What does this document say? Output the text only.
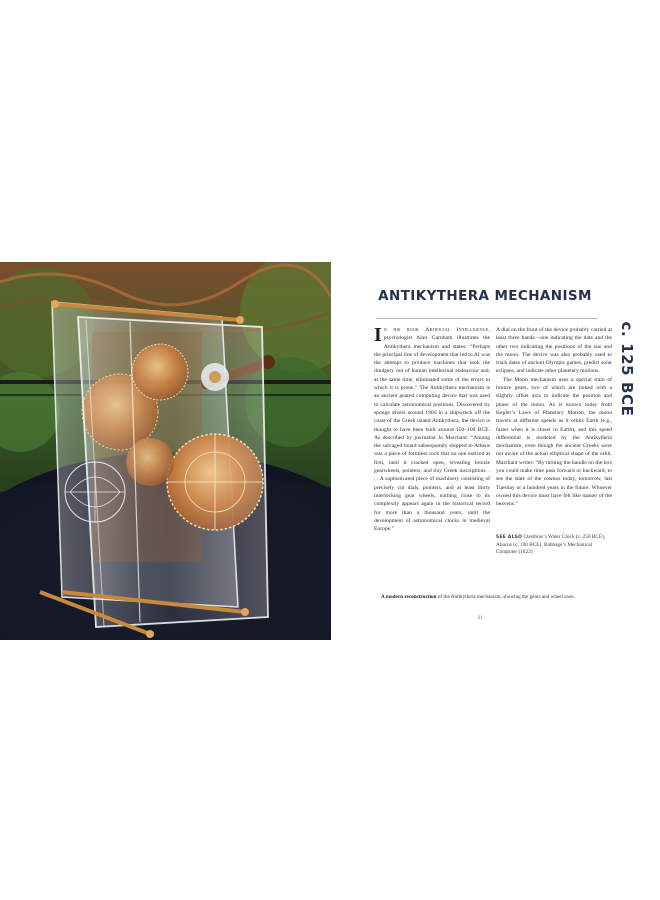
ANTIKYTHERA MECHANISM
c. 125 BCE

In his book Artificial Intelligence, psychologist Alan Garnham illustrates the Antikythera mechanism and states: “Perhaps the principal line of development that led to AI was the attempt to produce machines that took the drudgery out of human intellectual endeavour and, at the same time, eliminated some of the errors to which it is prone.” The Antikythera mechanism is an ancient geared computing device that was used to calculate astronomical positions. Discovered by sponge divers around 1900 in a shipwreck off the coast of the Greek island Antikythera, the device is thought to have been built around 150–100 BCE. As described by journalist Jo Marchant: “Among the salvaged hoard subsequently shipped to Athens was a piece of formless rock that no one noticed at first, until it cracked open, revealing bronze gearwheels, pointers, and tiny Greek inscriptions. . . . A sophisticated piece of machinery consisting of precisely cut dials, pointers, and at least thirty interlocking gear wheels, nothing close to its complexity appears again in the historical record for more than a thousand years, until the development of astronomical clocks in medieval Europe.”

A dial on the front of the device probably carried at least three hands—one indicating the date and the other two indicating the positions of the sun and the moon. The device was also probably used to track dates of ancient Olympic games, predict solar eclipses, and indicate other planetary motions.

The Moon mechanism uses a special train of bronze gears, two of which are linked with a slightly offset axis to indicate the position and phase of the moon. As is known today from Kepler’s Laws of Planetary Motion, the moon travels at different speeds as it orbits Earth (e.g., faster when it is closer to Earth), and this speed differential is modeled by the Antikythera mechanism, even though the ancient Greeks were not aware of the actual elliptical shape of the orbit. Marchant writes: “By turning the handle on the box you could make time pass forward or backward, to see the state of the cosmos today, tomorrow, last Tuesday or a hundred years in the future. Whoever owned this device must have felt like master of the heavens.”

SEE ALSO Ctesibius’s Water Clock (c. 250 BCE), Abacus (c. 190 BCE), Babbage’s Mechanical Computer (1822)
A modern reconstruction of the Antikythera mechanism, showing the gears and wheel axes.
31
